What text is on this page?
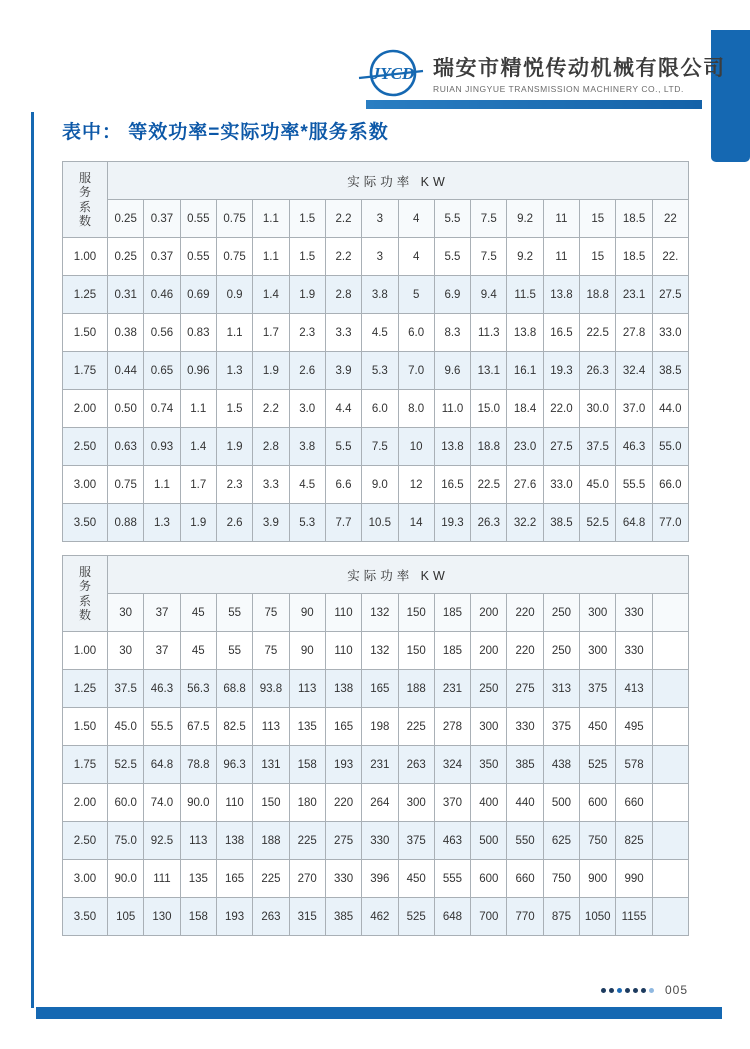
JYCD 瑞安市精悦传动机械有限公司
RUIAN JINGYUE TRANSMISSION MACHINERY CO., LTD.
表中： 等效功率=实际功率*服务系数
服
务
系
数	实际功率 KW															
	0.25	0.37	0.55	0.75	1.1	1.5	2.2	3	4	5.5	7.5	9.2	11	15	18.5	22
1.00	0.25	0.37	0.55	0.75	1.1	1.5	2.2	3	4	5.5	7.5	9.2	11	15	18.5	22.
1.25	0.31	0.46	0.69	0.9	1.4	1.9	2.8	3.8	5	6.9	9.4	11.5	13.8	18.8	23.1	27.5
1.50	0.38	0.56	0.83	1.1	1.7	2.3	3.3	4.5	6.0	8.3	11.3	13.8	16.5	22.5	27.8	33.0
1.75	0.44	0.65	0.96	1.3	1.9	2.6	3.9	5.3	7.0	9.6	13.1	16.1	19.3	26.3	32.4	38.5
2.00	0.50	0.74	1.1	1.5	2.2	3.0	4.4	6.0	8.0	11.0	15.0	18.4	22.0	30.0	37.0	44.0
2.50	0.63	0.93	1.4	1.9	2.8	3.8	5.5	7.5	10	13.8	18.8	23.0	27.5	37.5	46.3	55.0
3.00	0.75	1.1	1.7	2.3	3.3	4.5	6.6	9.0	12	16.5	22.5	27.6	33.0	45.0	55.5	66.0
3.50	0.88	1.3	1.9	2.6	3.9	5.3	7.7	10.5	14	19.3	26.3	32.2	38.5	52.5	64.8	77.0
服
务
系
数	实际功率 KW															
	30	37	45	55	75	90	110	132	150	185	200	220	250	300	330	
1.00	30	37	45	55	75	90	110	132	150	185	200	220	250	300	330	
1.25	37.5	46.3	56.3	68.8	93.8	113	138	165	188	231	250	275	313	375	413	
1.50	45.0	55.5	67.5	82.5	113	135	165	198	225	278	300	330	375	450	495	
1.75	52.5	64.8	78.8	96.3	131	158	193	231	263	324	350	385	438	525	578	
2.00	60.0	74.0	90.0	110	150	180	220	264	300	370	400	440	500	600	660	
2.50	75.0	92.5	113	138	188	225	275	330	375	463	500	550	625	750	825	
3.00	90.0	111	135	165	225	270	330	396	450	555	600	660	750	900	990	
3.50	105	130	158	193	263	315	385	462	525	648	700	770	875	1050	1155	
005
